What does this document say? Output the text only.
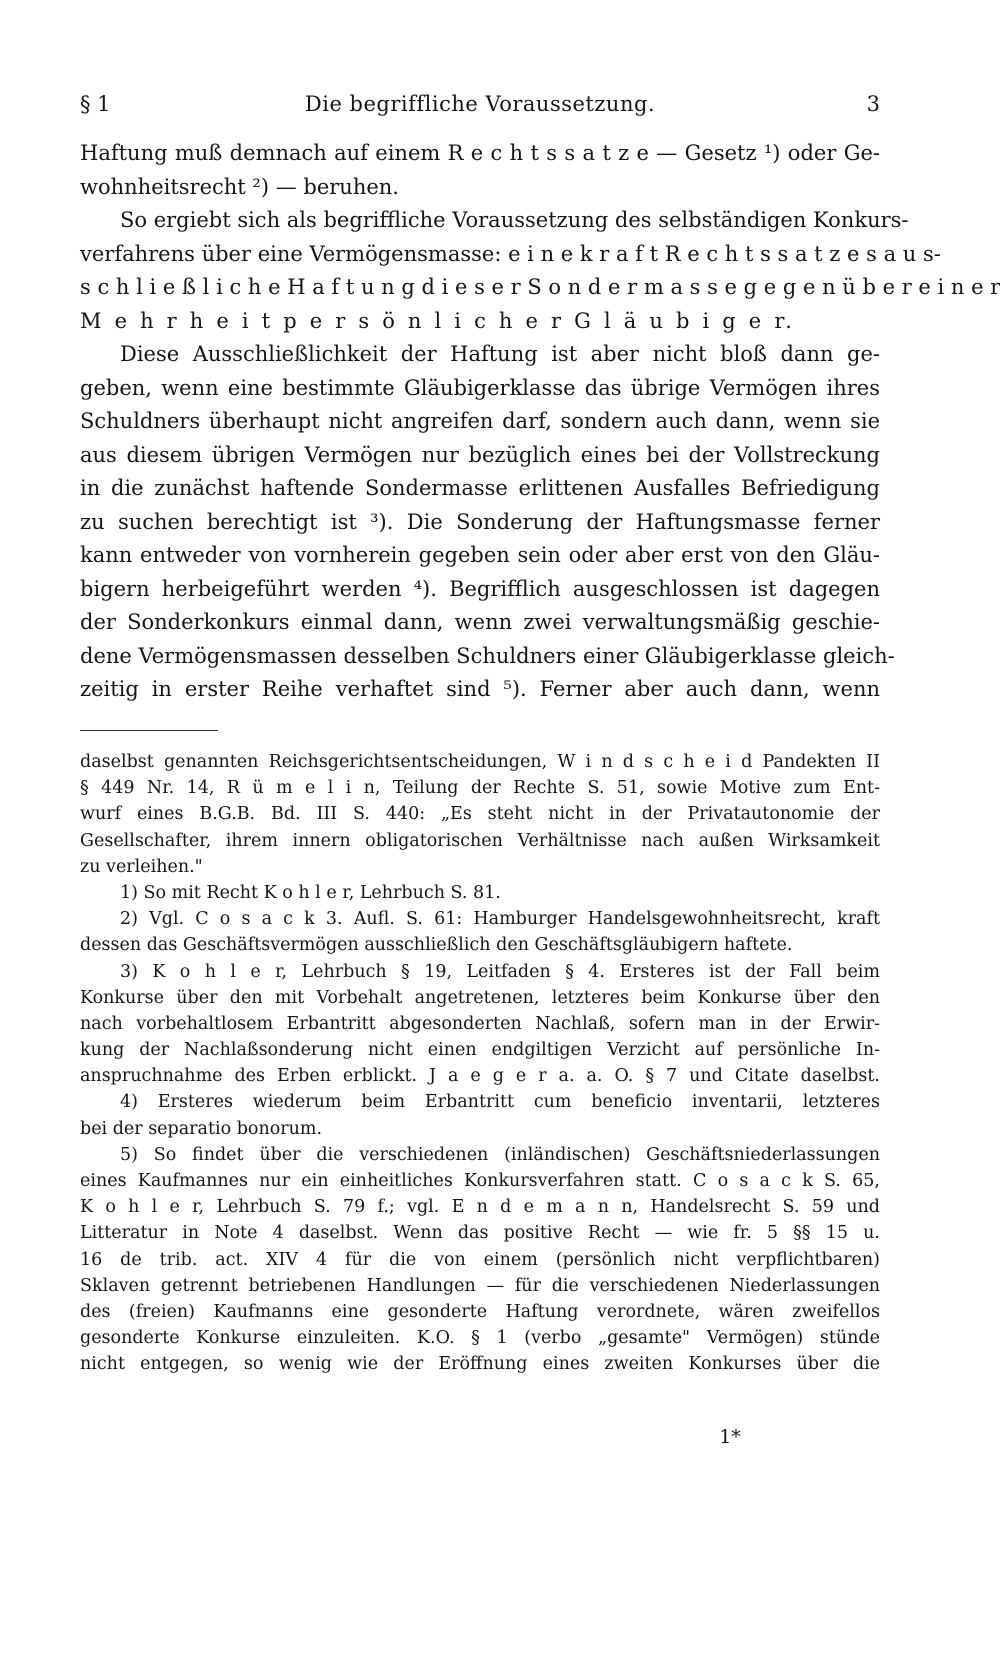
§ 1	Die begriffliche Voraussetzung.	3
Haftung muß demnach auf einem R e c h t s s a t z e — Gesetz ¹) oder Ge-
wohnheitsrecht ²) — beruhen.
So ergiebt sich als begriffliche Voraussetzung des selbständigen Konkurs-
verfahrens über eine Vermögensmasse: e i n e k r a f t R e c h t s s a t z e s a u s-
s c h l i e ß l i c h e H a f t u n g d i e s e r S o n d e r m a s s e g e g e n ü b e r e i n e r
M e h r h e i t p e r s ö n l i c h e r G l ä u b i g e r.
Diese Ausschließlichkeit der Haftung ist aber nicht bloß dann ge-
geben, wenn eine bestimmte Gläubigerklasse das übrige Vermögen ihres
Schuldners überhaupt nicht angreifen darf, sondern auch dann, wenn sie
aus diesem übrigen Vermögen nur bezüglich eines bei der Vollstreckung
in die zunächst haftende Sondermasse erlittenen Ausfalles Befriedigung
zu suchen berechtigt ist ³). Die Sonderung der Haftungsmasse ferner
kann entweder von vornherein gegeben sein oder aber erst von den Gläu-
bigern herbeigeführt werden ⁴). Begrifflich ausgeschlossen ist dagegen
der Sonderkonkurs einmal dann, wenn zwei verwaltungsmäßig geschie-
dene Vermögensmassen desselben Schuldners einer Gläubigerklasse gleich-
zeitig in erster Reihe verhaftet sind ⁵). Ferner aber auch dann, wenn
daselbst genannten Reichsgerichtsentscheidungen, W i n d s c h e i d Pandekten II
§ 449 Nr. 14, R ü m e l i n, Teilung der Rechte S. 51, sowie Motive zum Ent-
wurf eines B.G.B. Bd. III S. 440: „Es steht nicht in der Privatautonomie der
Gesellschafter, ihrem innern obligatorischen Verhältnisse nach außen Wirksamkeit
zu verleihen."
1) So mit Recht K o h l e r, Lehrbuch S. 81.
2) Vgl. C o s a c k 3. Aufl. S. 61: Hamburger Handelsgewohnheitsrecht, kraft
dessen das Geschäftsvermögen ausschließlich den Geschäftsgläubigern haftete.
3) K o h l e r, Lehrbuch § 19, Leitfaden § 4. Ersteres ist der Fall beim
Konkurse über den mit Vorbehalt angetretenen, letzteres beim Konkurse über den
nach vorbehaltlosem Erbantritt abgesonderten Nachlaß, sofern man in der Erwir-
kung der Nachlaßsonderung nicht einen endgiltigen Verzicht auf persönliche In-
anspruchnahme des Erben erblickt. J a e g e r a. a. O. § 7 und Citate daselbst.
4) Ersteres wiederum beim Erbantritt cum beneficio inventarii, letzteres
bei der separatio bonorum.
5) So findet über die verschiedenen (inländischen) Geschäftsniederlassungen
eines Kaufmannes nur ein einheitliches Konkursverfahren statt. C o s a c k S. 65,
K o h l e r, Lehrbuch S. 79 f.; vgl. E n d e m a n n, Handelsrecht S. 59 und
Litteratur in Note 4 daselbst. Wenn das positive Recht — wie fr. 5 §§ 15 u.
16 de trib. act. XIV 4 für die von einem (persönlich nicht verpflichtbaren)
Sklaven getrennt betriebenen Handlungen — für die verschiedenen Niederlassungen
des (freien) Kaufmanns eine gesonderte Haftung verordnete, wären zweifellos
gesonderte Konkurse einzuleiten. K.O. § 1 (verbo „gesamte" Vermögen) stünde
nicht entgegen, so wenig wie der Eröffnung eines zweiten Konkurses über die
1*
